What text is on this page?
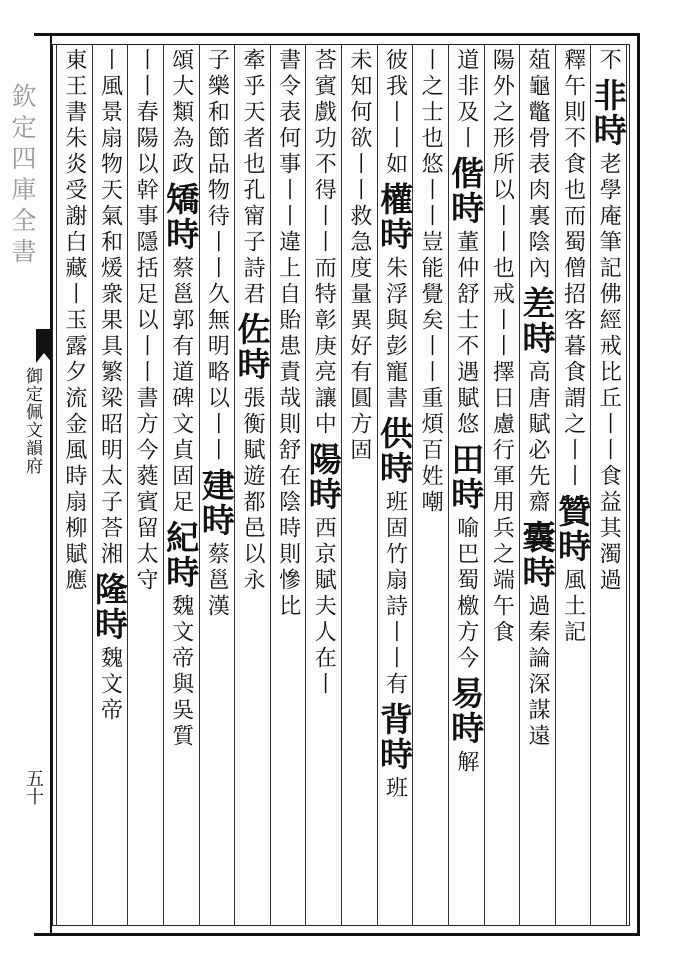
欽定四庫全書
御定佩文韻府
五十
不
非時
老學庵筆記佛經戒比丘丨丨食益其濁過
釋
午則不食也而蜀僧招客暮食謂之丨丨
贊時
風土記
葅龜鼈骨表肉裏陰內
差時
高唐賦必先齋
囊時
過秦論深謀遠
陽外之形所以丨丨也
戒丨丨擇日
慮行軍用兵之
端午食
道非及丨
偕時
董仲舒士不遇賦悠
田時
喻巴蜀檄方今
易時
解
丨之士也
悠丨丨豈能覺矣
丨丨重煩百姓
嘲
彼我丨丨如
權時
朱浮與彭寵書
供時
班固竹扇詩丨丨有
背時
班
未知何
欲丨丨救急
度量異好有圓方
固
荅賓戲功不得丨丨而特彰庚亮讓中
陽時
西京賦夫人在丨
書令表何事丨丨違上自貽患責哉
則舒在陰時則慘比
牽乎天者也孔甯子詩君
佐時
張衡賦遊都邑以永
子樂和節品物待丨丨
久無明略以丨丨
建時
蔡邕漢
頌大類為政
矯時
蔡邕郭有道碑文貞固足
紀時
魏文帝與吳質
丨丨春陽
以幹事隱括足以丨丨
書方今蕤賓
留太守
丨風景扇物天氣和煖衆果具繁梁昭明太子荅湘
隆時
魏文帝
東王書朱炎受謝白藏丨玉露夕流金風時扇
柳賦應
